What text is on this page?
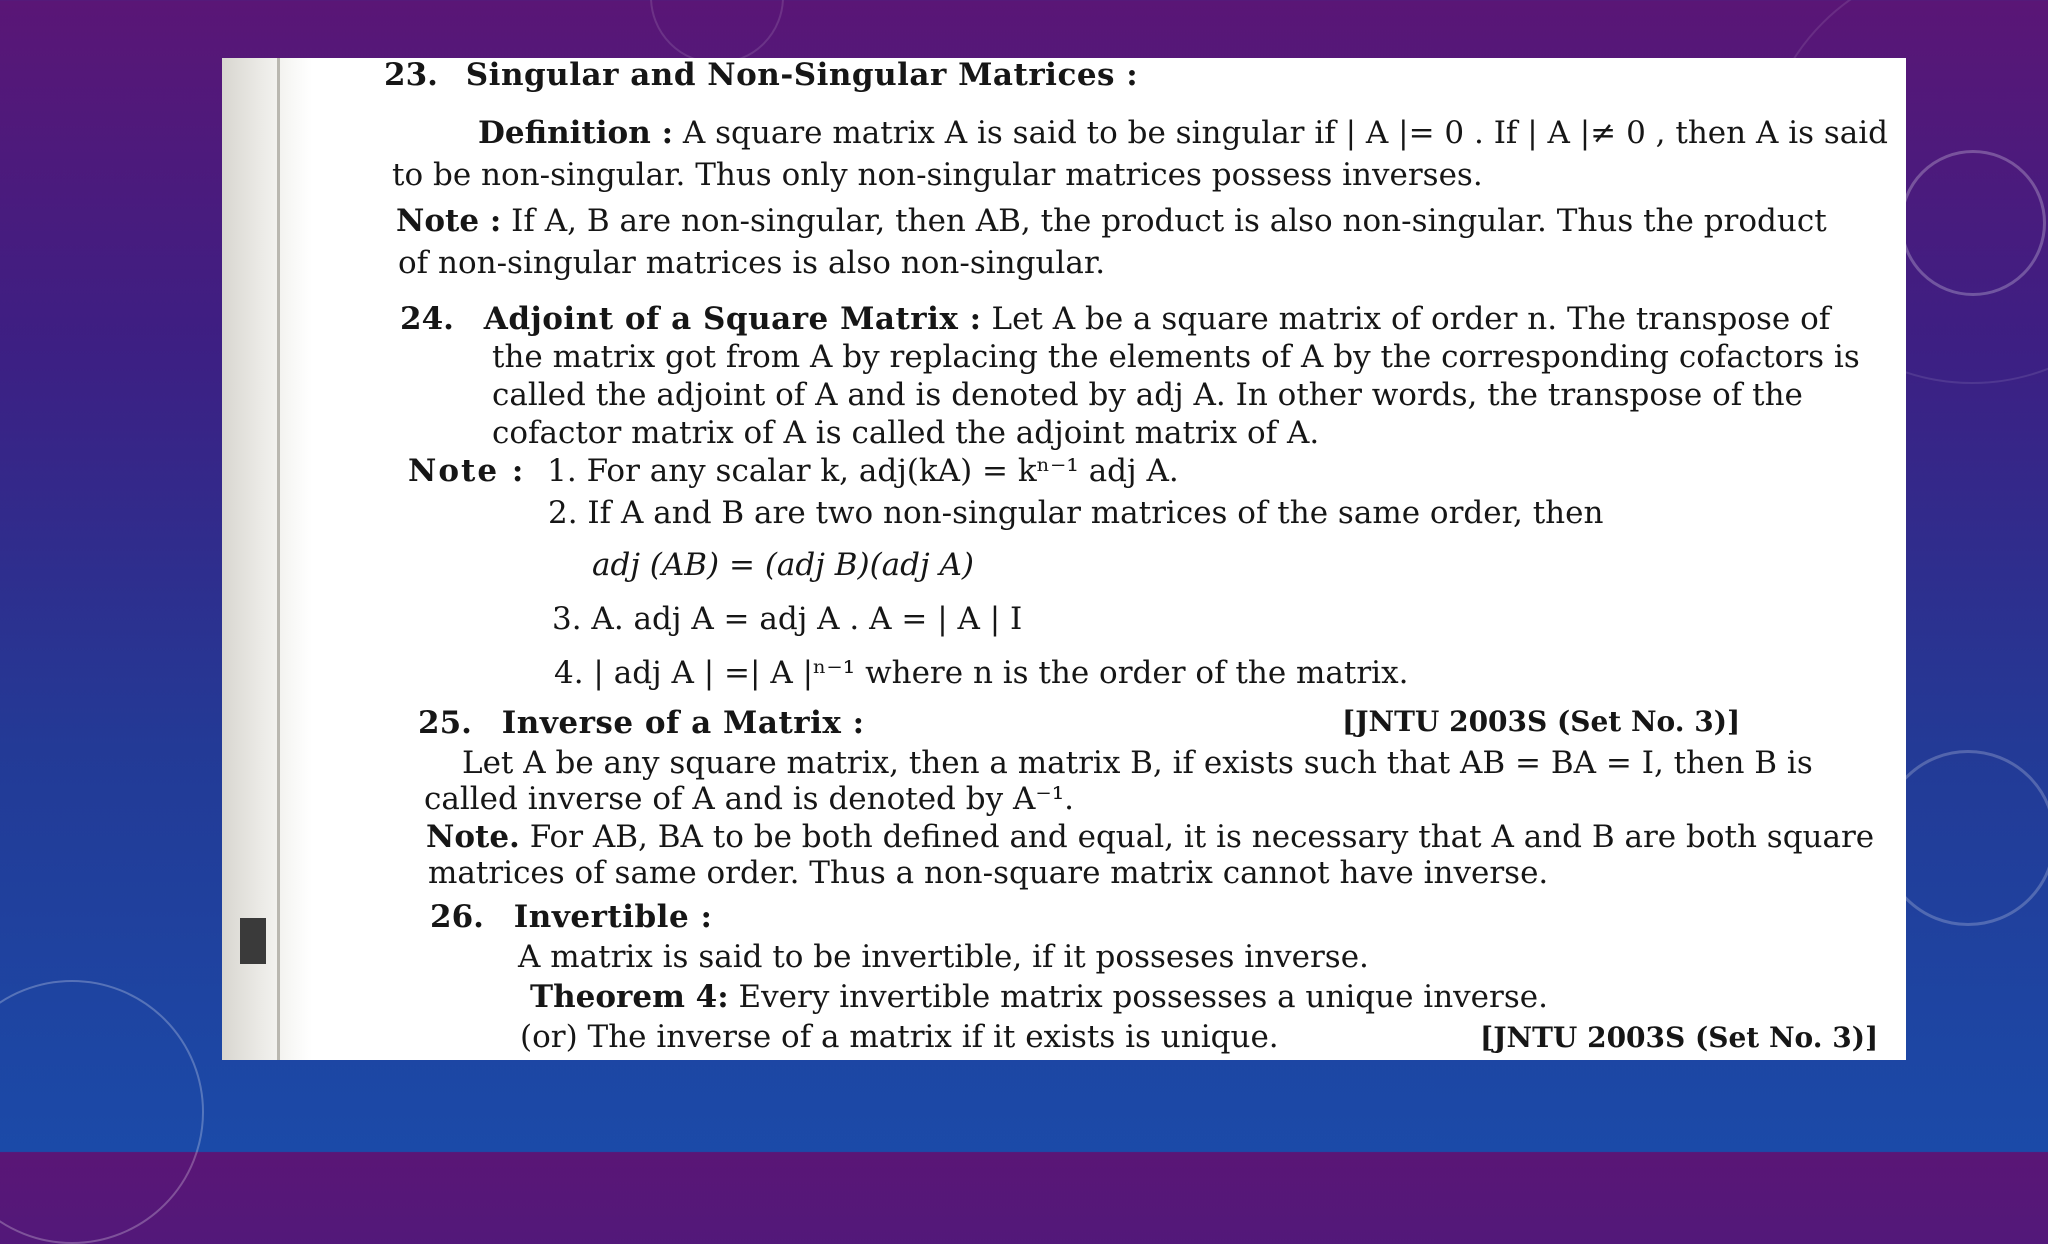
23. Singular and Non-Singular Matrices :
Definition : A square matrix A is said to be singular if | A |= 0 . If | A |≠ 0 , then A is said
to be non-singular. Thus only non-singular matrices possess inverses.
Note : If A, B are non-singular, then AB, the product is also non-singular. Thus the product
of non-singular matrices is also non-singular.
24. Adjoint of a Square Matrix : Let A be a square matrix of order n. The transpose of
the matrix got from A by replacing the elements of A by the corresponding cofactors is
called the adjoint of A and is denoted by adj A. In other words, the transpose of the
cofactor matrix of A is called the adjoint matrix of A.
Note : 1. For any scalar k, adj(kA) = kⁿ⁻¹ adj A.
2. If A and B are two non-singular matrices of the same order, then
adj (AB) = (adj B)(adj A)
3. A. adj A = adj A . A = | A | I
4. | adj A | =| A |ⁿ⁻¹ where n is the order of the matrix.
25. Inverse of a Matrix :	[JNTU 2003S (Set No. 3)]
Let A be any square matrix, then a matrix B, if exists such that AB = BA = I, then B is
called inverse of A and is denoted by A⁻¹.
Note. For AB, BA to be both defined and equal, it is necessary that A and B are both square
matrices of same order. Thus a non-square matrix cannot have inverse.
26. Invertible :
A matrix is said to be invertible, if it posseses inverse.
Theorem 4: Every invertible matrix possesses a unique inverse.
(or) The inverse of a matrix if it exists is unique.	[JNTU 2003S (Set No. 3)]
